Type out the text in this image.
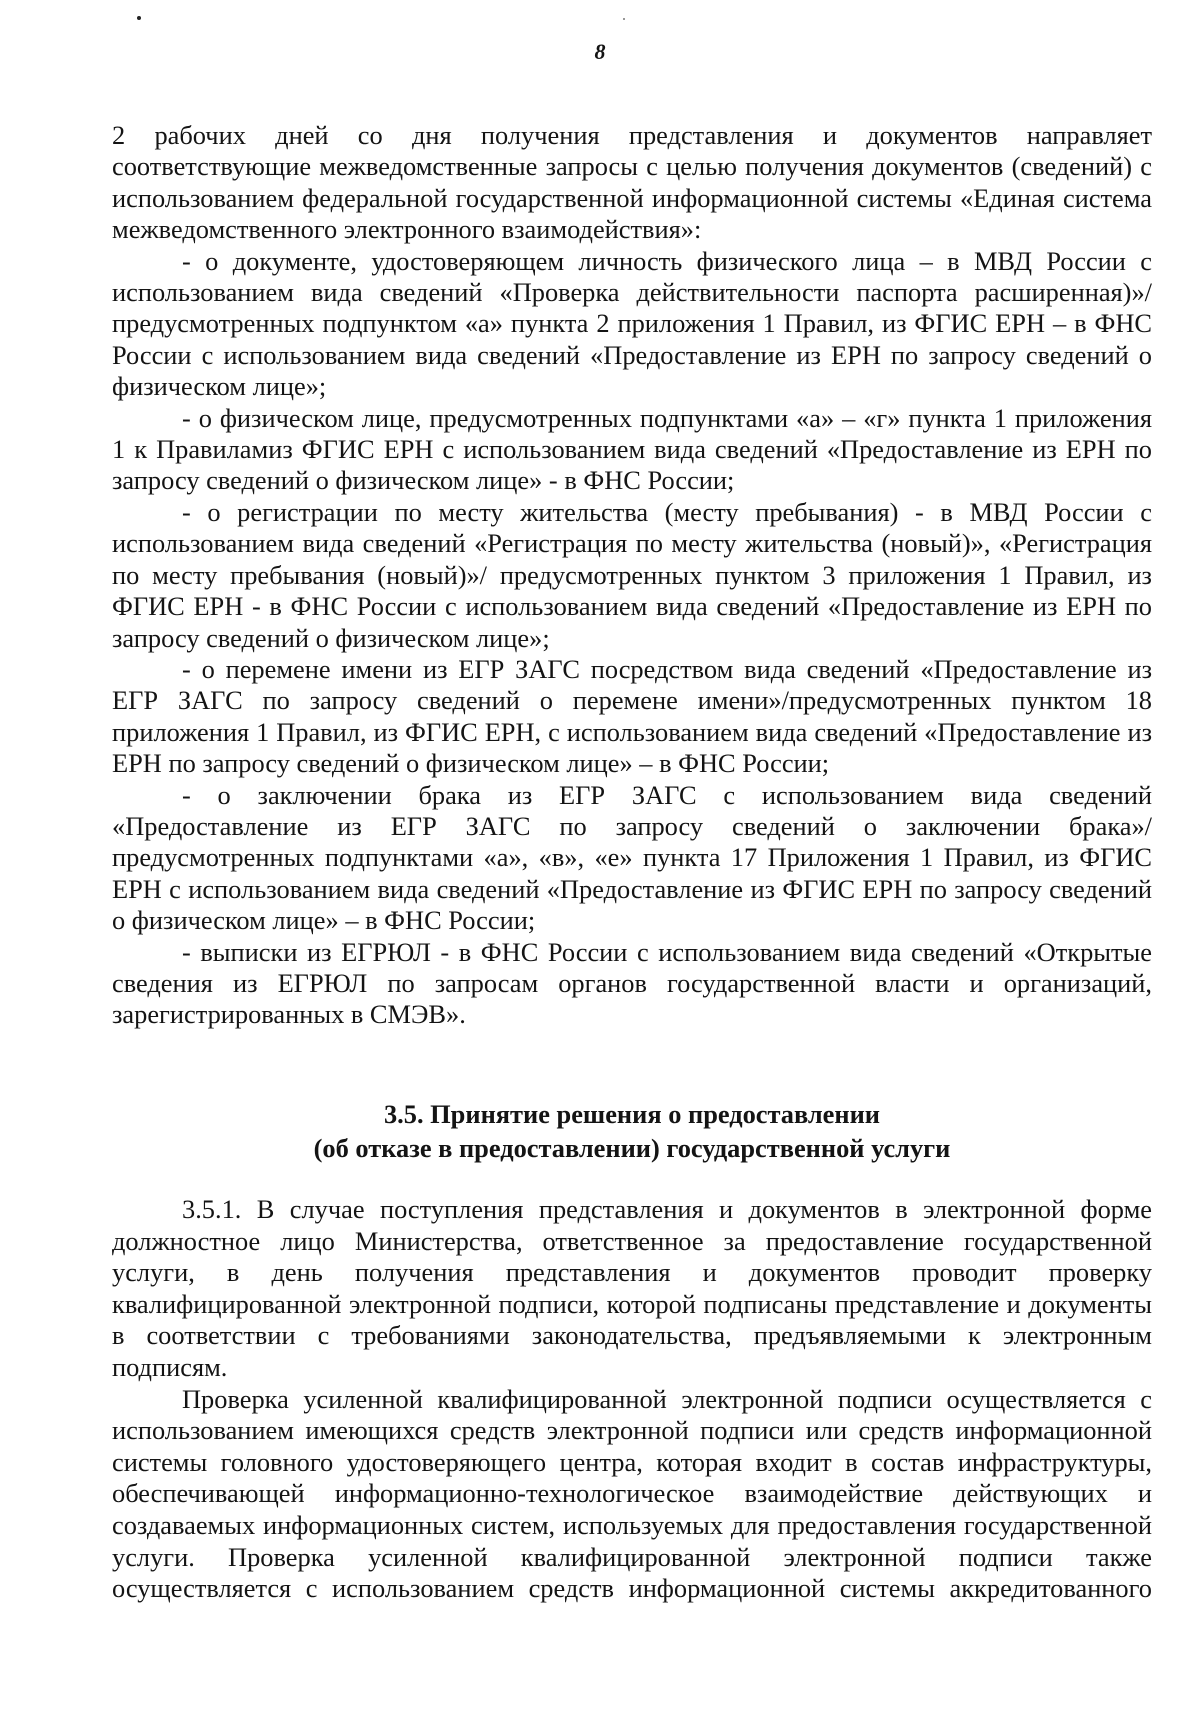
8

2 рабочих дней со дня получения представления и документов направляет соответствующие межведомственные запросы с целью получения документов (сведений) с использованием федеральной государственной информационной системы «Единая система межведомственного электронного взаимодействия»:

- о документе, удостоверяющем личность физического лица – в МВД России с использованием вида сведений «Проверка действительности паспорта расширенная)»/ предусмотренных подпунктом «а» пункта 2 приложения 1 Правил, из ФГИС ЕРН – в ФНС России с использованием вида сведений «Предоставление из ЕРН по запросу сведений о физическом лице»;

- о физическом лице, предусмотренных подпунктами «а» – «г» пункта 1 приложения 1 к Правиламиз ФГИС ЕРН с использованием вида сведений «Предоставление из ЕРН по запросу сведений о физическом лице» - в ФНС России;

- о регистрации по месту жительства (месту пребывания) - в МВД России с использованием вида сведений «Регистрация по месту жительства (новый)», «Регистрация по месту пребывания (новый)»/ предусмотренных пунктом 3 приложения 1 Правил, из ФГИС ЕРН - в ФНС России с использованием вида сведений «Предоставление из ЕРН по запросу сведений о физическом лице»;

- о перемене имени из ЕГР ЗАГС посредством вида сведений «Предоставление из ЕГР ЗАГС по запросу сведений о перемене имени»/предусмотренных пунктом 18 приложения 1 Правил, из ФГИС ЕРН, с использованием вида сведений «Предоставление из ЕРН по запросу сведений о физическом лице» – в ФНС России;

- о заключении брака из ЕГР ЗАГС с использованием вида сведений «Предоставление из ЕГР ЗАГС по запросу сведений о заключении брака»/предусмотренных подпунктами «а», «в», «е» пункта 17 Приложения 1 Правил, из ФГИС ЕРН с использованием вида сведений «Предоставление из ФГИС ЕРН по запросу сведений о физическом лице» – в ФНС России;

- выписки из ЕГРЮЛ - в ФНС России с использованием вида сведений «Открытые сведения из ЕГРЮЛ по запросам органов государственной власти и организаций, зарегистрированных в СМЭВ».

3.5. Принятие решения о предоставлении
(об отказе в предоставлении) государственной услуги

3.5.1. В случае поступления представления и документов в электронной форме должностное лицо Министерства, ответственное за предоставление государственной услуги, в день получения представления и документов проводит проверку квалифицированной электронной подписи, которой подписаны представление и документы в соответствии с требованиями законодательства, предъявляемыми к электронным подписям.

Проверка усиленной квалифицированной электронной подписи осуществляется с использованием имеющихся средств электронной подписи или средств информационной системы головного удостоверяющего центра, которая входит в состав инфраструктуры, обеспечивающей информационно-технологическое взаимодействие действующих и создаваемых информационных систем, используемых для предоставления государственной услуги. Проверка усиленной квалифицированной электронной подписи также осуществляется с использованием средств информационной системы аккредитованного
